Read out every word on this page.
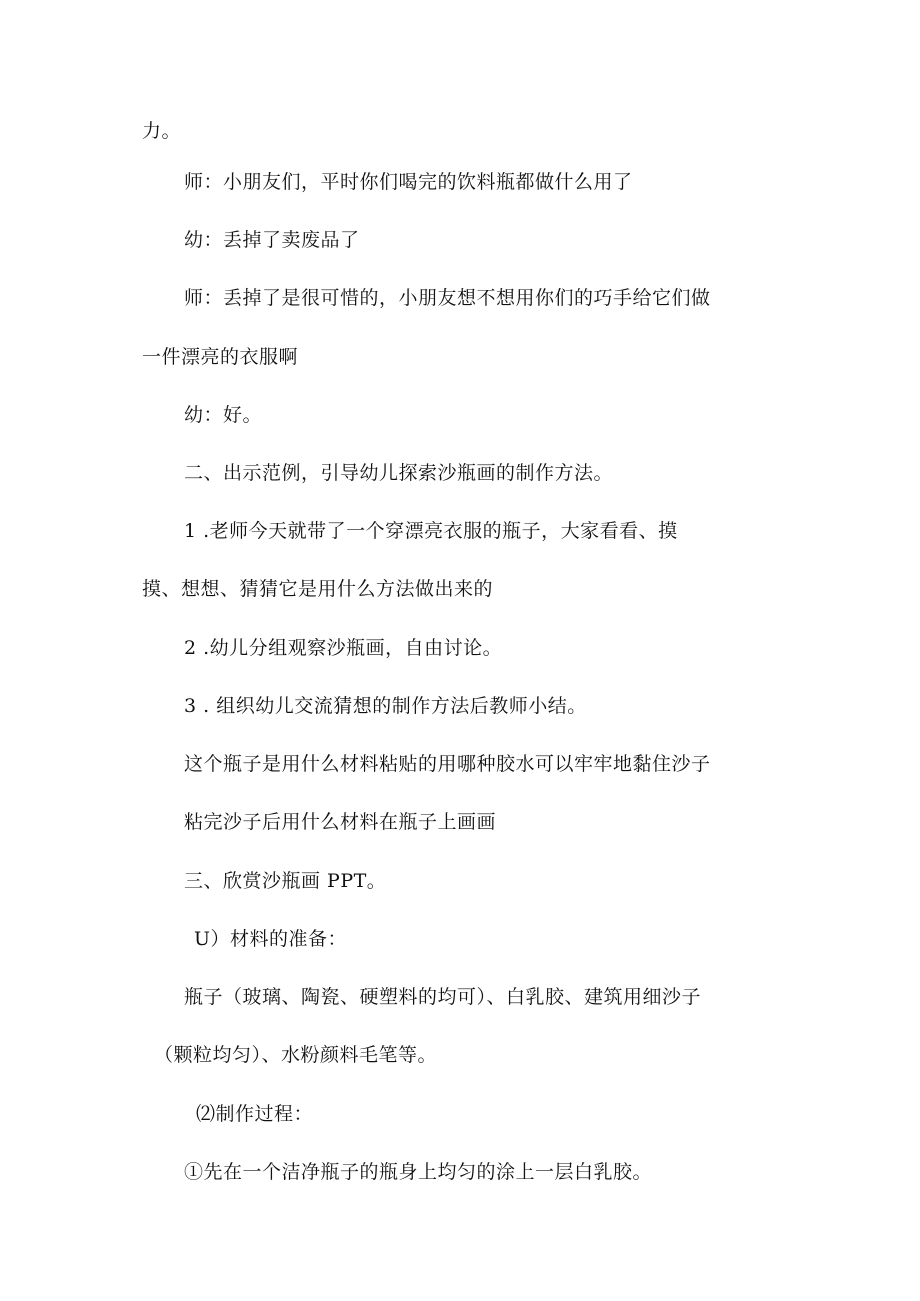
力。
师：小朋友们，平时你们喝完的饮料瓶都做什么用了
幼：丢掉了卖废品了
师：丢掉了是很可惜的，小朋友想不想用你们的巧手给它们做
一件漂亮的衣服啊
幼：好。
二、出示范例，引导幼儿探索沙瓶画的制作方法。
1 .老师今天就带了一个穿漂亮衣服的瓶子，大家看看、摸
摸、想想、猜猜它是用什么方法做出来的
2 .幼儿分组观察沙瓶画，自由讨论。
3 . 组织幼儿交流猜想的制作方法后教师小结。
这个瓶子是用什么材料粘贴的用哪种胶水可以牢牢地黏住沙子
粘完沙子后用什么材料在瓶子上画画
三、欣赏沙瓶画 PPT。
U）材料的准备：
瓶子（玻璃、陶瓷、硬塑料的均可）、白乳胶、建筑用细沙子
（颗粒均匀）、水粉颜料毛笔等。
⑵制作过程：
①先在一个洁净瓶子的瓶身上均匀的涂上一层白乳胶。
